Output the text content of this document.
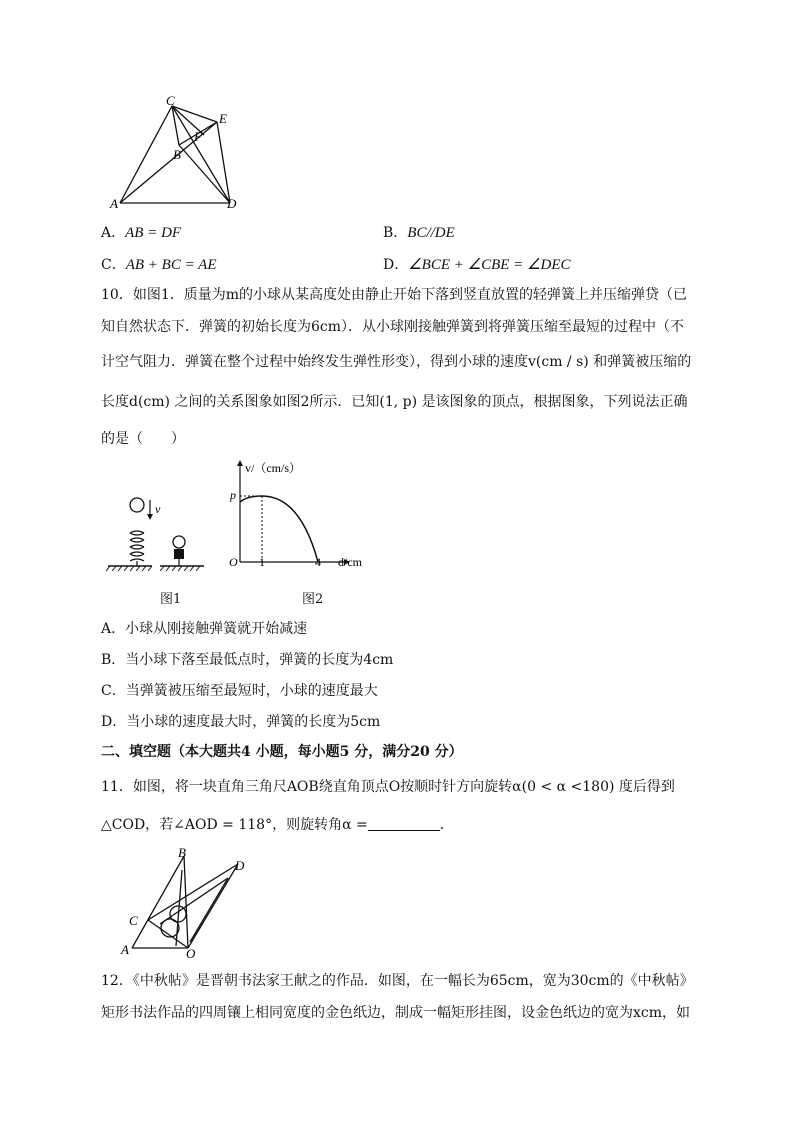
C
E
F
B
A	D
A．AB = DF	B．BC//DE
C．AB + BC = AE	D．∠BCE + ∠CBE = ∠DEC
10．如图1．质量为m的小球从某高度处由静止开始下落到竖直放置的轻弹簧上并压缩弹贷（已
知自然状态下．弹簧的初始长度为6cm）．从小球刚接触弹簧到将弹簧压缩至最短的过程中（不
计空气阻力．弹簧在整个过程中始终发生弹性形变），得到小球的速度v(cm / s) 和弹簧被压缩的
长度d(cm) 之间的关系图象如图2所示．已知(1, p) 是该图象的顶点，根据图象，下列说法正确
的是（　　）
v
v/（cm/s）
p
O 1	4 d/cm
图1	图2
A．小球从刚接触弹簧就开始减速
B．当小球下落至最低点时，弹簧的长度为4cm
C．当弹簧被压缩至最短时，小球的速度最大
D．当小球的速度最大时，弹簧的长度为5cm
二、填空题（本大题共4 小题，每小题5 分，满分20 分）
11．如图，将一块直角三角尺AOB绕直角顶点O按顺时针方向旋转α(0 < α <180) 度后得到
△COD，若∠AOD = 118°，则旋转角α =	．
B
D
C
A	O
12．《中秋帖》是晋朝书法家王献之的作品．如图，在一幅长为65cm，宽为30cm的《中秋帖》
矩形书法作品的四周镶上相同宽度的金色纸边，制成一幅矩形挂图，设金色纸边的宽为xcm，如
